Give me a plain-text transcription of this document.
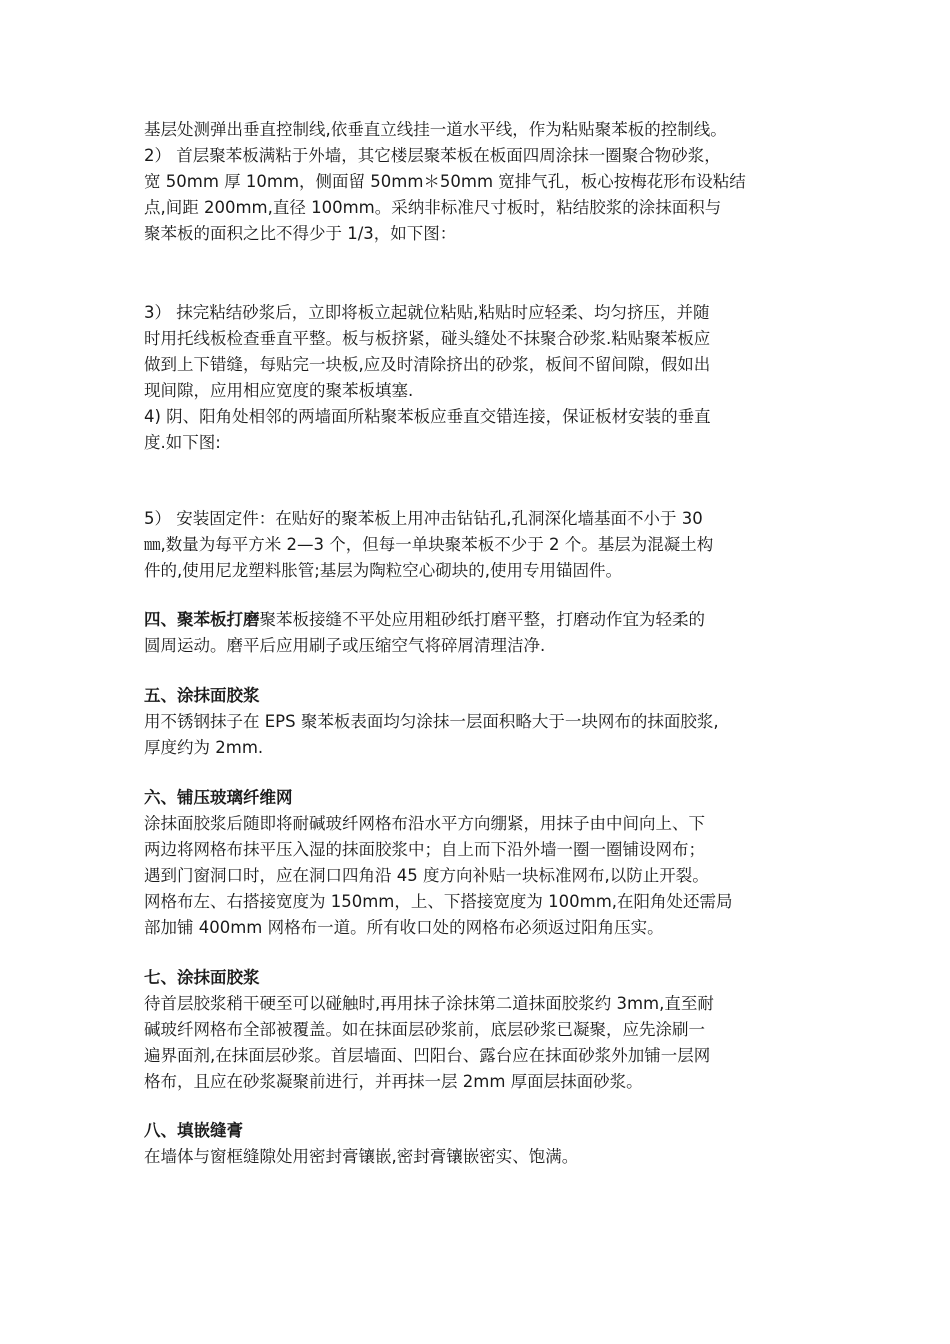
基层处测弹出垂直控制线,依垂直立线挂一道水平线，作为粘贴聚苯板的控制线。
2） 首层聚苯板满粘于外墙，其它楼层聚苯板在板面四周涂抹一圈聚合物砂浆，
宽 50mm 厚 10mm，侧面留 50mm＊50mm 宽排气孔，板心按梅花形布设粘结
点,间距 200mm,直径 100mm。采纳非标准尺寸板时，粘结胶浆的涂抹面积与
聚苯板的面积之比不得少于 1/3，如下图：
3） 抹完粘结砂浆后，立即将板立起就位粘贴,粘贴时应轻柔、均匀挤压，并随
时用托线板检查垂直平整。板与板挤紧，碰头缝处不抹聚合砂浆.粘贴聚苯板应
做到上下错缝，每贴完一块板,应及时清除挤出的砂浆，板间不留间隙，假如出
现间隙，应用相应宽度的聚苯板填塞.
4) 阴、阳角处相邻的两墙面所粘聚苯板应垂直交错连接，保证板材安装的垂直
度.如下图:
5） 安装固定件：在贴好的聚苯板上用冲击钻钻孔,孔洞深化墙基面不小于 30
㎜,数量为每平方米 2—3 个，但每一单块聚苯板不少于 2 个。基层为混凝土构
件的,使用尼龙塑料胀管;基层为陶粒空心砌块的,使用专用锚固件。
四、聚苯板打磨聚苯板接缝不平处应用粗砂纸打磨平整，打磨动作宜为轻柔的
圆周运动。磨平后应用刷子或压缩空气将碎屑清理洁净.
五、涂抹面胶浆
用不锈钢抹子在 EPS 聚苯板表面均匀涂抹一层面积略大于一块网布的抹面胶浆,
厚度约为 2mm.
六、铺压玻璃纤维网
涂抹面胶浆后随即将耐碱玻纤网格布沿水平方向绷紧，用抹子由中间向上、下
两边将网格布抹平压入湿的抹面胶浆中；自上而下沿外墙一圈一圈铺设网布；
遇到门窗洞口时，应在洞口四角沿 45 度方向补贴一块标准网布,以防止开裂。
网格布左、右搭接宽度为 150mm，上、下搭接宽度为 100mm,在阳角处还需局
部加铺 400mm 网格布一道。所有收口处的网格布必须返过阳角压实。
七、涂抹面胶浆
待首层胶浆稍干硬至可以碰触时,再用抹子涂抹第二道抹面胶浆约 3mm,直至耐
碱玻纤网格布全部被覆盖。如在抹面层砂浆前，底层砂浆已凝聚，应先涂刷一
遍界面剂,在抹面层砂浆。首层墙面、凹阳台、露台应在抹面砂浆外加铺一层网
格布，且应在砂浆凝聚前进行，并再抹一层 2mm 厚面层抹面砂浆。
八、填嵌缝膏
在墙体与窗框缝隙处用密封膏镶嵌,密封膏镶嵌密实、饱满。
